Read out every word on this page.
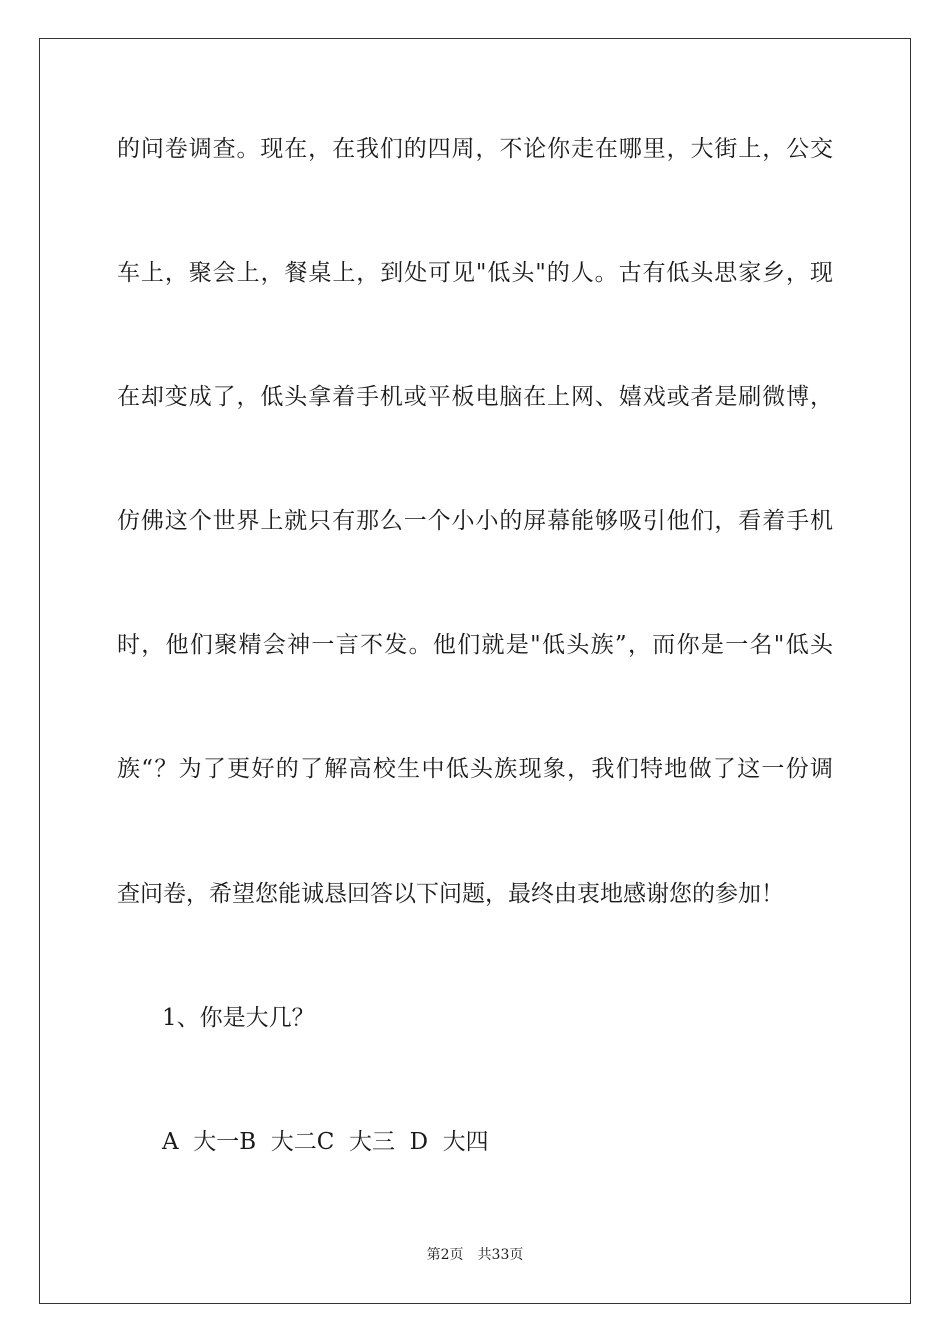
的问卷调查。现在，在我们的四周，不论你走在哪里，大街上，公交
车上，聚会上，餐桌上，到处可见"低头"的人。古有低头思家乡，现
在却变成了，低头拿着手机或平板电脑在上网、嬉戏或者是刷微博，
仿佛这个世界上就只有那么一个小小的屏幕能够吸引他们，看着手机
时，他们聚精会神一言不发。他们就是"低头族”，而你是一名"低头
族“？为了更好的了解高校生中低头族现象，我们特地做了这一份调
查问卷，希望您能诚恳回答以下问题，最终由衷地感谢您的参加！
1、你是大几？
A  大一B  大二C  大三  D  大四
第2页 共33页
